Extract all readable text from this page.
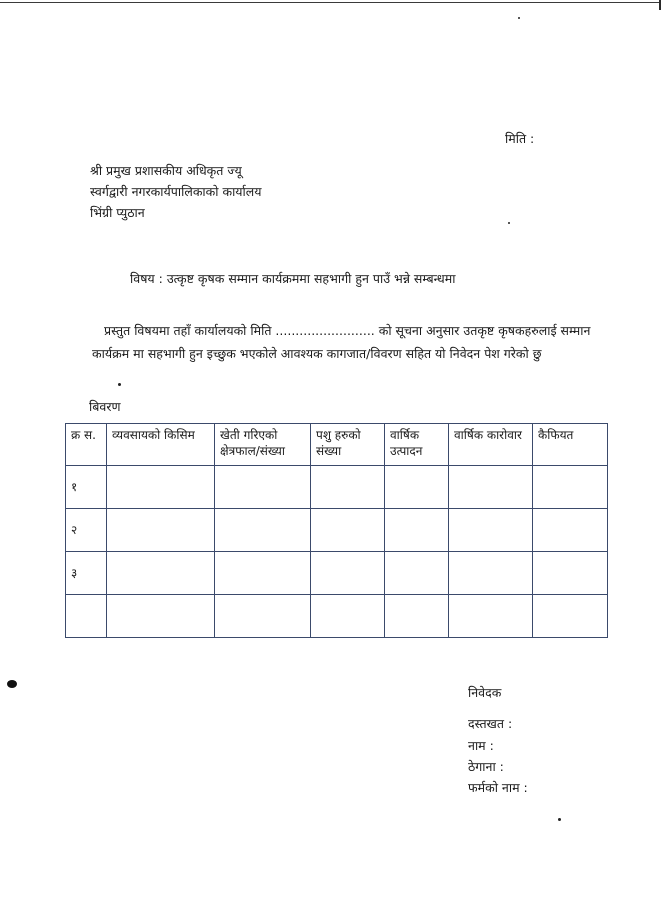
मिति :
श्री प्रमुख प्रशासकीय अधिकृत ज्यू
स्वर्गद्वारी नगरकार्यपालिकाको कार्यालय
भिंग्री प्युठान
विषय : उत्कृष्ट कृषक सम्मान कार्यक्रममा सहभागी हुन पाउँ भन्ने सम्बन्धमा
प्रस्तुत विषयमा तहाँ कार्यालयको मिति ......................... को सूचना अनुसार उतकृष्ट कृषकहरुलाई सम्मान
कार्यक्रम मा सहभागी हुन इच्छुक भएकोले आवश्यक कागजात/विवरण सहित यो निवेदन पेश गरेको छु
बिवरण
क्र स.	व्यवसायको किसिम	खेती गरिएको क्षेत्रफाल/संख्या	पशु हरुको संख्या	वार्षिक उत्पादन	वार्षिक कारोवार	कैफियत
१						
२						
३						

निवेदक
दस्तखत :
नाम :
ठेगाना :
फर्मको नाम :
